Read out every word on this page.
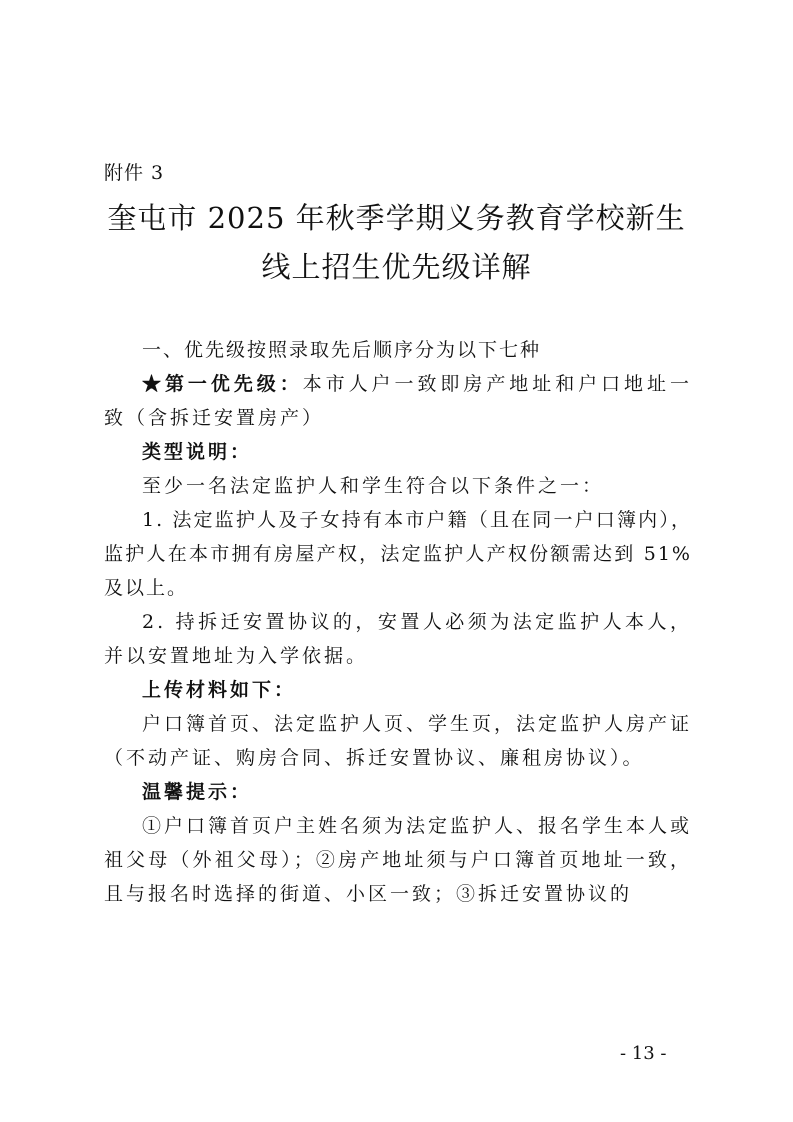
附件 3
奎屯市 2025 年秋季学期义务教育学校新生
线上招生优先级详解

一、优先级按照录取先后顺序分为以下七种

★第一优先级：本市人户一致即房产地址和户口地址一致（含拆迁安置房产）

类型说明：

至少一名法定监护人和学生符合以下条件之一：

1. 法定监护人及子女持有本市户籍（且在同一户口簿内），监护人在本市拥有房屋产权，法定监护人产权份额需达到 51%及以上。

2. 持拆迁安置协议的，安置人必须为法定监护人本人，并以安置地址为入学依据。

上传材料如下：

户口簿首页、法定监护人页、学生页，法定监护人房产证（不动产证、购房合同、拆迁安置协议、廉租房协议）。

温馨提示：

①户口簿首页户主姓名须为法定监护人、报名学生本人或祖父母（外祖父母）；②房产地址须与户口簿首页地址一致，且与报名时选择的街道、小区一致；③拆迁安置协议的

- 13 -
